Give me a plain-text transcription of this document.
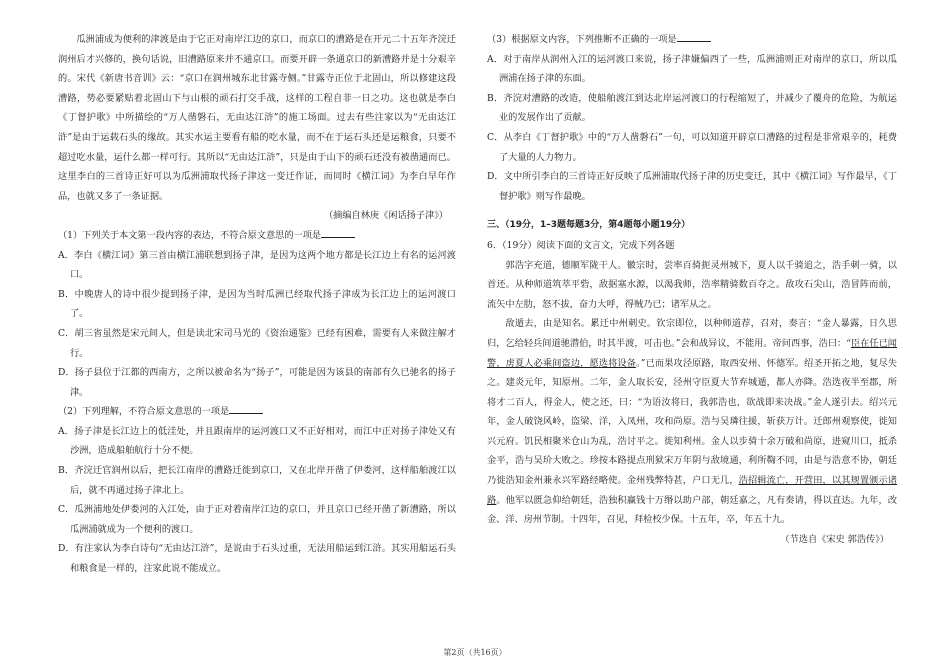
瓜洲浦成为便利的津渡是由于它正对南岸江边的京口，而京口的漕路是在开元二十五年齐浣迁润州后才兴修的，换句话说，旧漕路原来并不通京口。而要开辟一条通京口的新漕路并是十分艰辛的。宋代《新唐书音训》云：“京口在润州城东北甘露寺侧。”甘露寺正位于北固山，所以修建这段漕路，势必要紧贴着北固山下与山根的顽石打交手战，这样的工程自非一日之功。这也就是李白《丁督护歌》中所描绘的“万人凿磐石，无由达江浒”的施工场面。过去有些注家以为“无由达江浒”是由于运载石头的缘故。其实水运主要看有船的吃水量，而不在于运石头还是运粮食，只要不超过吃水量，运什么都一样可行。其所以“无由达江浒”，只是由于山下的顽石还没有被凿通而已。这里李白的三首诗正好可以为瓜洲浦取代扬子津这一变迁作证，而同时《横江词》为李白早年作品，也就又多了一条证据。

（摘编自林庚《闲话扬子津》）

（1）下列关于本文第一段内容的表达，不符合原文意思的一项是

A．李白《横江词》第三首由横江浦联想到扬子津，是因为这两个地方都是长江边上有名的运河渡口。

B．中晚唐人的诗中很少提到扬子津，是因为当时瓜洲已经取代扬子津成为长江边上的运河渡口了。

C．胡三省虽然是宋元间人，但是读北宋司马光的《资治通鉴》已经有困难，需要有人来做注解才行。

D．扬子县位于江都的西南方，之所以被命名为“扬子”，可能是因为该县的南部有久已驰名的扬子津。

（2）下列理解，不符合原文意思的一项是

A．扬子津是长江边上的低洼处，并且跟南岸的运河渡口又不正好相对，而江中正对扬子津处又有沙洲，造成船舶航行十分不便。

B．齐浣迁官润州以后，把长江南岸的漕路迁徙到京口，又在北岸开凿了伊娄河，这样船舶渡江以后，就不再通过扬子津北上。

C．瓜洲浦地处伊娄河的入江处，由于正对着南岸江边的京口，并且京口已经开凿了新漕路，所以瓜洲浦就成为一个便利的渡口。

D．有注家认为李白诗句“无由达江浒”，是说由于石头过重，无法用船运到江浒。其实用船运石头和粮食是一样的，注家此说不能成立。

（3）根据原文内容，下列推断不正确的一项是

A．对于南岸从润州入江的运河渡口来说，扬子津嫌偏西了一些，瓜洲浦则正对南岸的京口，所以瓜洲浦在扬子津的东面。

B．齐浣对漕路的改造，使船舶渡江到达北岸运河渡口的行程缩短了，并减少了覆舟的危险，为航运业的发展作出了贡献。

C．从李白《丁督护歌》中的“万人凿磐石”一句，可以知道开辟京口漕路的过程是非常艰辛的，耗费了大量的人力物力。

D．文中所引李白的三首诗正好反映了瓜洲浦取代扬子津的历史变迁，其中《横江词》写作最早，《丁督护歌》则写作最晚。

三、（19分，1–3题每题3分，第4题每小题19分）

6．（19分）阅读下面的文言文，完成下列各题

郭浩字充道，德顺军陇干人。徽宗时，尝率百骑扼灵州城下，夏人以千骑追之，浩手刺一骑，以首还。从种师道筑萃平砦，敌据塞水源，以渴我师，浩率精骑数百夺之。敌攻石尖山，浩冒阵而前，流矢中左肋，怒不拔，奋力大呼，得贼乃已；诸军从之。

敌遁去，由是知名。累迁中州刺史。钦宗即位，以种师道荐，召对，奏言：“金人暴露，日久思归，乞给轻兵间道驰潜伯，时其半渡，可击也。”会和战异议，不能用。帝问西事，浩曰：“臣在任已闻警，虏夏人必乘间盗边，愿选将设备。”已而果攻泾原路，取西安州、怀德军。绍圣开拓之地，复尽失之。建炎元年，知原州。二年，金人取长安，泾州守臣夏大节弃城遁，都人亦降。浩选夜半至郡，所将才二百人，得金人，使之还，曰：“为语汝将曰，我郭浩也，欲战即来决战。”金人遂引去。绍兴元年，金人破饶风岭，盗梁、洋，入凤州，攻和尚原。浩与吴璘往援，斩获万计。迁郎州观察使，徙知兴元府。饥民相聚米仓山为乱，浩讨平之。徙知利州。金人以步骑十余万破和尚原，进窥川口，抵杀金平，浩与吴玠大败之。珍按本路提点刑狱宋万年阴与敌境通，利所鞫不同，由是与浩意不协，朝廷乃徙浩知金州兼永兴军路经略使。金州残弊特甚，户口无几，浩招辑流亡，开营田，以其规置颁示诸路。他军以匮急仰给朝廷，浩独积赢钱十万缗以助户部，朝廷嘉之，凡有奏请，得以直达。九年，改金、洋、房州节制。十四年，召见，拜检校少保。十五年，卒，年五十九。

（节选自《宋史 郭浩传》）

第2页（共16页）
